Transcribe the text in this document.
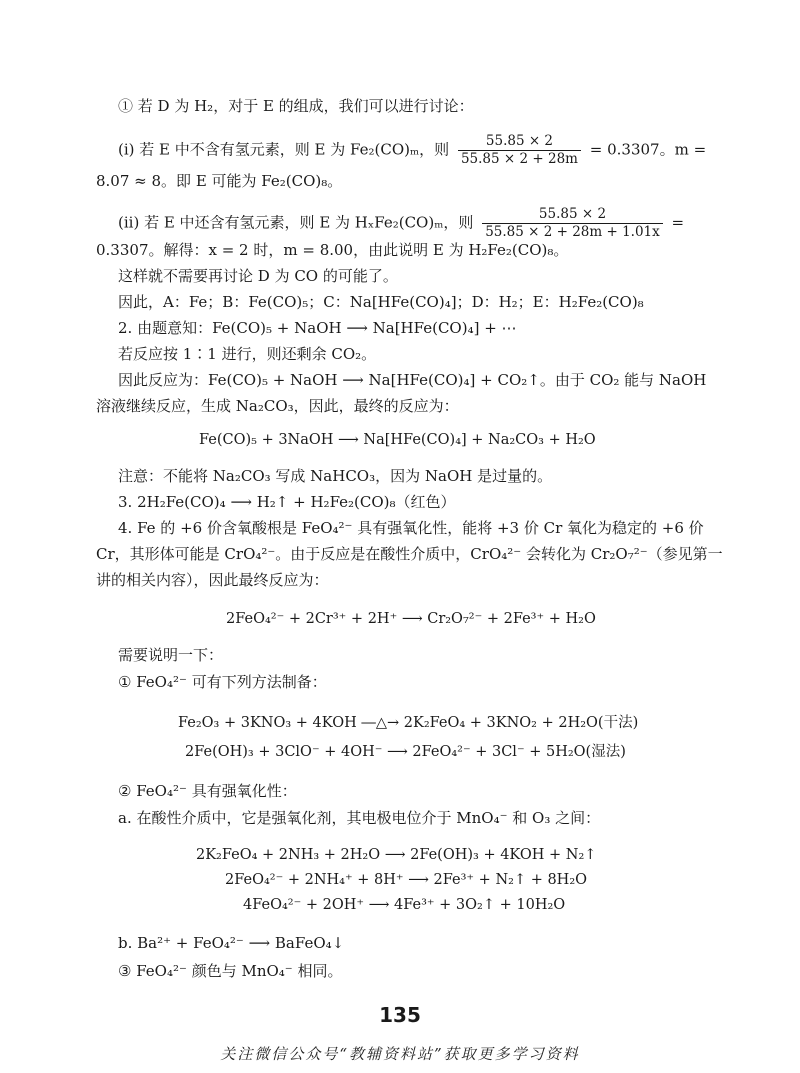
① 若 D 为 H₂，对于 E 的组成，我们可以进行讨论：
(i) 若 E 中不含有氢元素，则 E 为 Fe₂(CO)ₘ，则 $\frac{55.85 \times 2}{55.85 \times 2 + 28m} = 0.3307$。m =
8.07 ≈ 8。即 E 可能为 Fe₂(CO)₈。
(ii) 若 E 中还含有氢元素，则 E 为 HₓFe₂(CO)ₘ，则 $\frac{55.85 \times 2}{55.85 \times 2 + 28m + 1.01x}$ =
0.3307。解得：x = 2 时，m = 8.00，由此说明 E 为 H₂Fe₂(CO)₈。
这样就不需要再讨论 D 为 CO 的可能了。
因此，A：Fe；B：Fe(CO)₅；C：Na[HFe(CO)₄]；D：H₂；E：H₂Fe₂(CO)₈
2. 由题意知：Fe(CO)₅ + NaOH ⟶ Na[HFe(CO)₄] + ⋯
若反应按 1∶1 进行，则还剩余 CO₂。
因此反应为：Fe(CO)₅ + NaOH ⟶ Na[HFe(CO)₄] + CO₂↑。由于 CO₂ 能与 NaOH
溶液继续反应，生成 Na₂CO₃，因此，最终的反应为：
Fe(CO)₅ + 3NaOH ⟶ Na[HFe(CO)₄] + Na₂CO₃ + H₂O
注意：不能将 Na₂CO₃ 写成 NaHCO₃，因为 NaOH 是过量的。
3. 2H₂Fe(CO)₄ ⟶ H₂↑ + H₂Fe₂(CO)₈（红色）
4. Fe 的 +6 价含氧酸根是 FeO₄²⁻ 具有强氧化性，能将 +3 价 Cr 氧化为稳定的 +6 价
Cr，其形体可能是 CrO₄²⁻。由于反应是在酸性介质中，CrO₄²⁻ 会转化为 Cr₂O₇²⁻（参见第一
讲的相关内容），因此最终反应为：
2FeO₄²⁻ + 2Cr³⁺ + 2H⁺ ⟶ Cr₂O₇²⁻ + 2Fe³⁺ + H₂O
需要说明一下：
① FeO₄²⁻ 可有下列方法制备：
Fe₂O₃ + 3KNO₃ + 4KOH ―△→ 2K₂FeO₄ + 3KNO₂ + 2H₂O(干法)
2Fe(OH)₃ + 3ClO⁻ + 4OH⁻ ⟶ 2FeO₄²⁻ + 3Cl⁻ + 5H₂O(湿法)
② FeO₄²⁻ 具有强氧化性：
a. 在酸性介质中，它是强氧化剂，其电极电位介于 MnO₄⁻ 和 O₃ 之间：
2K₂FeO₄ + 2NH₃ + 2H₂O ⟶ 2Fe(OH)₃ + 4KOH + N₂↑
2FeO₄²⁻ + 2NH₄⁺ + 8H⁺ ⟶ 2Fe³⁺ + N₂↑ + 8H₂O
4FeO₄²⁻ + 2OH⁺ ⟶ 4Fe³⁺ + 3O₂↑ + 10H₂O
b. Ba²⁺ + FeO₄²⁻ ⟶ BaFeO₄↓
③ FeO₄²⁻ 颜色与 MnO₄⁻ 相同。
135
关注微信公众号“教辅资料站”获取更多学习资料
